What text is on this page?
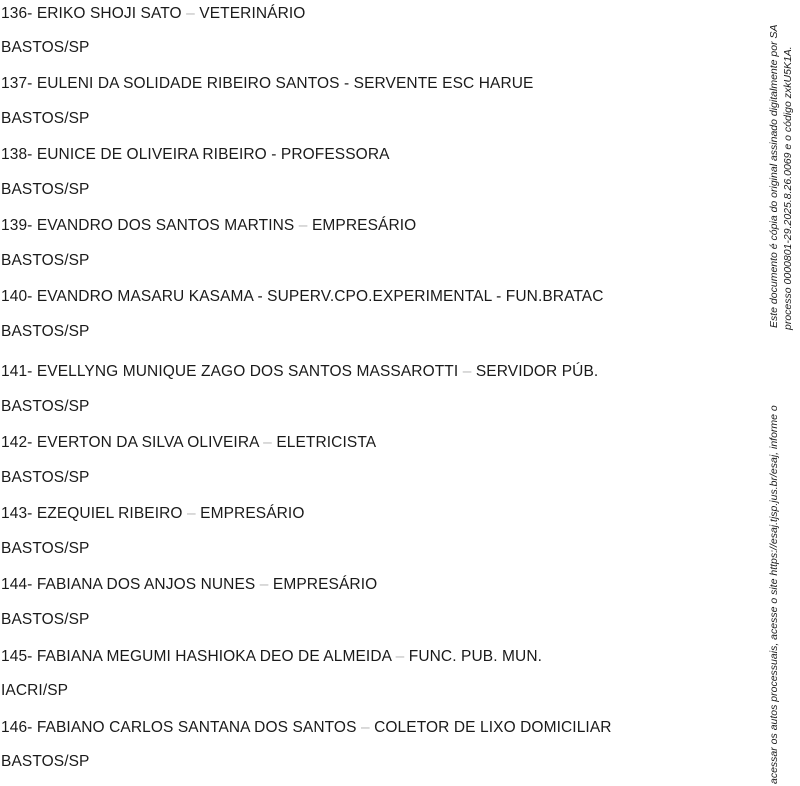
136- ERIKO SHOJI SATO – VETERINÁRIO
BASTOS/SP
137- EULENI DA SOLIDADE RIBEIRO SANTOS - SERVENTE ESC HARUE
BASTOS/SP
138- EUNICE DE OLIVEIRA RIBEIRO - PROFESSORA
BASTOS/SP
139- EVANDRO DOS SANTOS MARTINS – EMPRESÁRIO
BASTOS/SP
140- EVANDRO MASARU KASAMA - SUPERV.CPO.EXPERIMENTAL - FUN.BRATAC
BASTOS/SP
141- EVELLYNG MUNIQUE ZAGO DOS SANTOS MASSAROTTI – SERVIDOR PÚB.
BASTOS/SP
142- EVERTON DA SILVA OLIVEIRA – ELETRICISTA
BASTOS/SP
143- EZEQUIEL RIBEIRO – EMPRESÁRIO
BASTOS/SP
144- FABIANA DOS ANJOS NUNES – EMPRESÁRIO
BASTOS/SP
145- FABIANA MEGUMI HASHIOKA DEO DE ALMEIDA – FUNC. PUB. MUN.
IACRI/SP
146- FABIANO CARLOS SANTANA DOS SANTOS – COLETOR DE LIXO DOMICILIAR
BASTOS/SP
Este documento é cópia do original assinado digitalmente por SA processo 0000801-29.2025.8.26.0069 e o código zxkU5K1A.
acessar os autos processuais, acesse o site https://esaj.tjsp.jus.br/esaj, informe o
